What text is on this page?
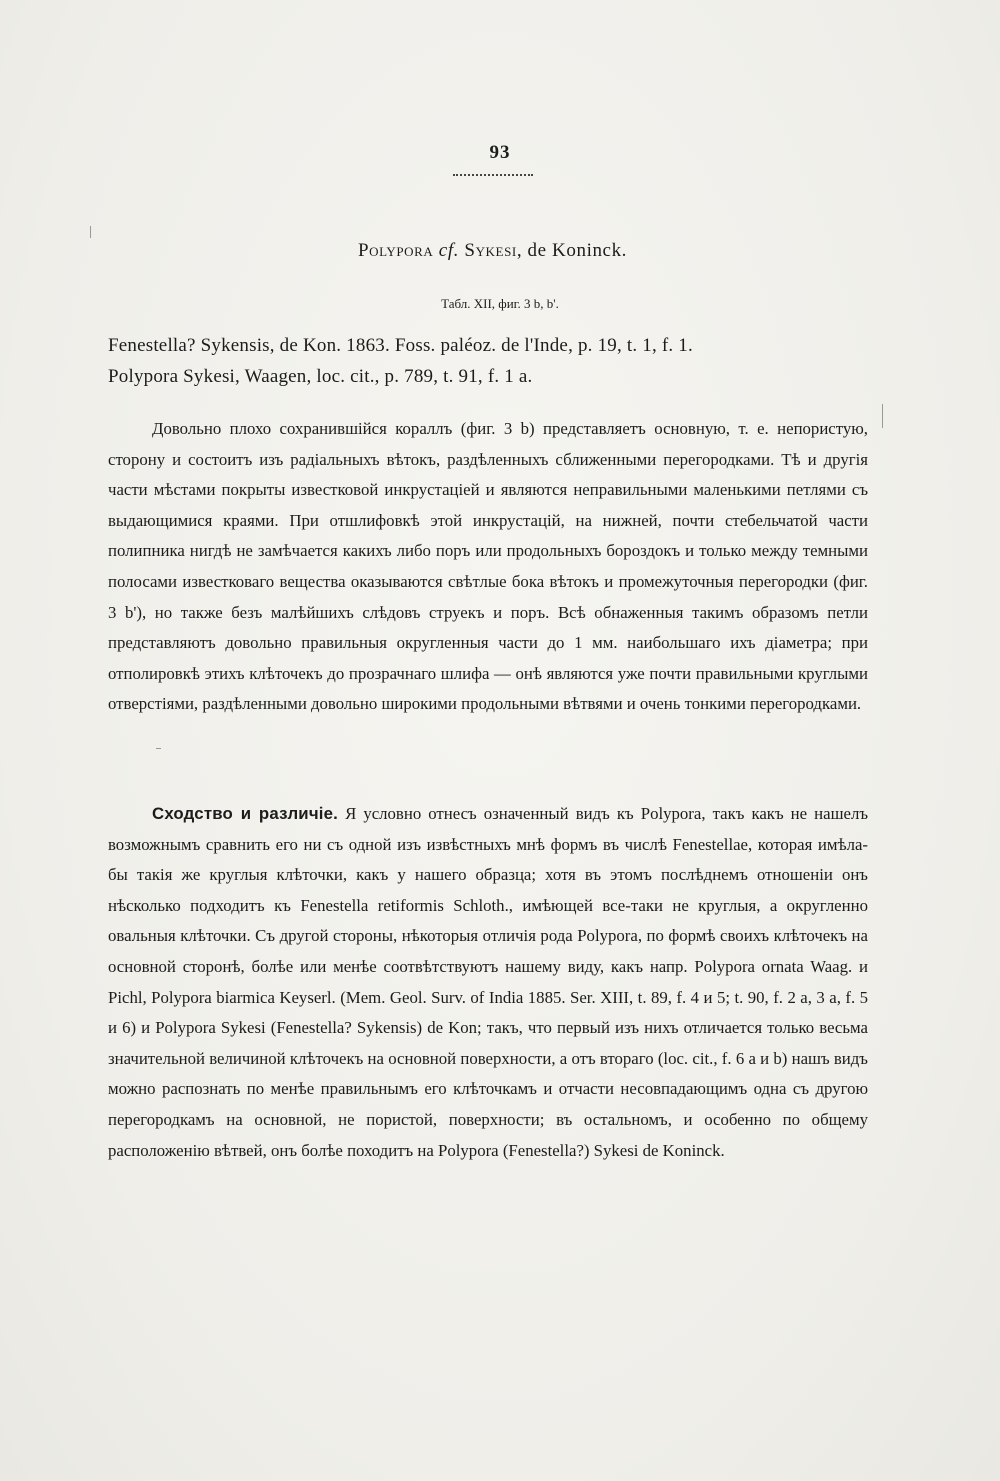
93
Polypora cf. Sykesi, de Koninck.
Табл. XII, фиг. 3 b, b'.
Fenestella? Sykensis, de Kon. 1863. Foss. paléoz. de l'Inde, p. 19, t. 1, f. 1.
Polypora Sykesi, Waagen, loc. cit., p. 789, t. 91, f. 1 a.
Довольно плохо сохранившійся кораллъ (фиг. 3 b) представляетъ основную, т. е. непористую, сторону и состоитъ изъ радіальныхъ вѣтокъ, раздѣленныхъ сближенными перегородками. Тѣ и другія части мѣстами покрыты известковой инкрустаціей и являются неправильными маленькими петлями съ выдающимися краями. При отшлифовкѣ этой инкрустацій, на нижней, почти стебельчатой части полипника нигдѣ не замѣчается какихъ либо поръ или продольныхъ бороздокъ и только между темными полосами известковаго вещества оказываются свѣтлые бока вѣтокъ и промежуточныя перегородки (фиг. 3 b'), но также безъ малѣйшихъ слѣдовъ струекъ и поръ. Всѣ обнаженныя такимъ образомъ петли представляютъ довольно правильныя округленныя части до 1 мм. наибольшаго ихъ діаметра; при отполировкѣ этихъ клѣточекъ до прозрачнаго шлифа — онѣ являются уже почти правильными круглыми отверстіями, раздѣленными довольно широкими продольными вѣтвями и очень тонкими перегородками.
Сходство и различіе. Я условно отнесъ означенный видъ къ Polypora, такъ какъ не нашелъ возможнымъ сравнить его ни съ одной изъ извѣстныхъ мнѣ формъ въ числѣ Fenestellae, которая имѣла-бы такія же круглыя клѣточки, какъ у нашего образца; хотя въ этомъ послѣднемъ отношеніи онъ нѣсколько подходитъ къ Fenestella retiformis Schloth., имѣющей все-таки не круглыя, а округленно овальныя клѣточки. Съ другой стороны, нѣкоторыя отличія рода Polypora, по формѣ своихъ клѣточекъ на основной сторонѣ, болѣе или менѣе соотвѣтствуютъ нашему виду, какъ напр. Polypora ornata Waag. и Pichl, Polypora biarmica Keyserl. (Mem. Geol. Surv. of India 1885. Ser. XIII, t. 89, f. 4 и 5; t. 90, f. 2 a, 3 a, f. 5 и 6) и Polypora Sykesi (Fenestella? Sykensis) de Kon; такъ, что первый изъ нихъ отличается только весьма значительной величиной клѣточекъ на основной поверхности, а отъ втораго (loc. cit., f. 6 a и b) нашъ видъ можно распознать по менѣе правильнымъ его клѣточкамъ и отчасти несовпадающимъ одна съ другою перегородкамъ на основной, не пористой, поверхности; въ остальномъ, и особенно по общему расположенію вѣтвей, онъ болѣе походитъ на Polypora (Fenestella?) Sykesi de Koninck.
